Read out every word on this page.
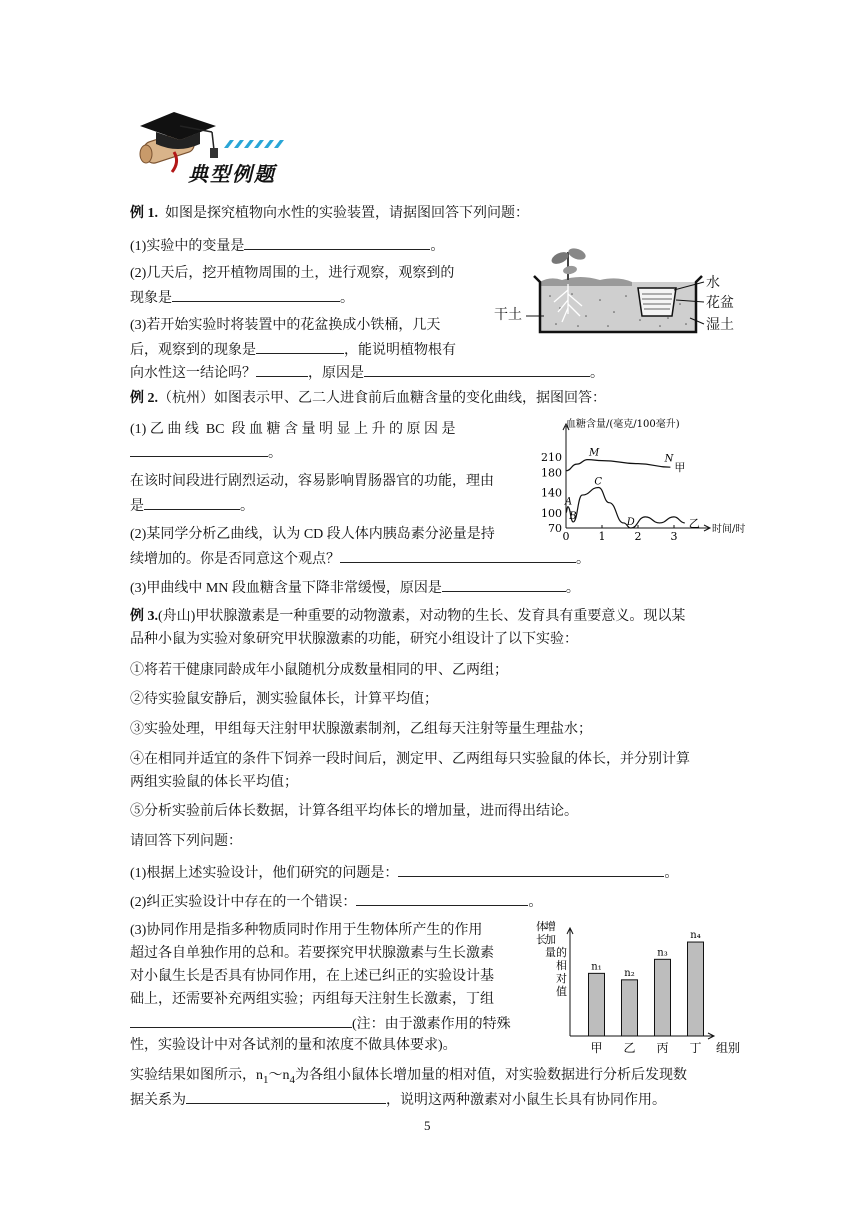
典型例题
例 1. 如图是探究植物向水性的实验装置，请据图回答下列问题：
(1)实验中的变量是	。
(2)几天后，挖开植物周围的土，进行观察，观察到的
现象是	。
(3)若开始实验时将装置中的花盆换成小铁桶，几天
后，观察到的现象是	，能说明植物根有
向水性这一结论吗？	，原因是	。
水
花盆
湿土
干土
例 2.（杭州）如图表示甲、乙二人进食前后血糖含量的变化曲线，据图回答：
(1) 乙 曲 线  BC  段 血 糖 含 量 明 显 上 升 的 原 因 是
。
在该时间段进行剧烈运动，容易影响胃肠器官的功能，理由
是	。
(2)某同学分析乙曲线，认为 CD 段人体内胰岛素分泌量是持
续增加的。你是否同意这个观点？	。
(3)甲曲线中 MN 段血糖含量下降非常缓慢，原因是	。
血糖含量/(毫克/100毫升)
时间/时
210
180
140
100
70
0	1	2	3
甲
乙
M
N
A
B
C
D
例 3.(舟山)甲状腺激素是一种重要的动物激素，对动物的生长、发育具有重要意义。现以某
品种小鼠为实验对象研究甲状腺激素的功能，研究小组设计了以下实验：
①将若干健康同龄成年小鼠随机分成数量相同的甲、乙两组；
②待实验鼠安静后，测实验鼠体长，计算平均值；
③实验处理，甲组每天注射甲状腺激素制剂，乙组每天注射等量生理盐水；
④在相同并适宜的条件下饲养一段时间后，测定甲、乙两组每只实验鼠的体长，并分别计算
两组实验鼠的体长平均值；
⑤分析实验前后体长数据，计算各组平均体长的增加量，进而得出结论。
请回答下列问题：
(1)根据上述实验设计，他们研究的问题是：	。
(2)纠正实验设计中存在的一个错误：	。
(3)协同作用是指多种物质同时作用于生物体所产生的作用
超过各自单独作用的总和。若要探究甲状腺激素与生长激素
对小鼠生长是否具有协同作用，在上述已纠正的实验设计基
础上，还需要补充两组实验；丙组每天注射生长激素，丁组
(注：由于激素作用的特殊
性，实验设计中对各试剂的量和浓度不做具体要求)。
实验结果如图所示，$n_1\sim n_4$为各组小鼠体长增加量的相对值，对实验数据进行分析后发现数
据关系为	，说明这两种激素对小鼠生长具有协同作用。
的相对值
增加量
体长
组别
n₁
甲
n₂
乙
n₃
丙
n₄
丁
5
